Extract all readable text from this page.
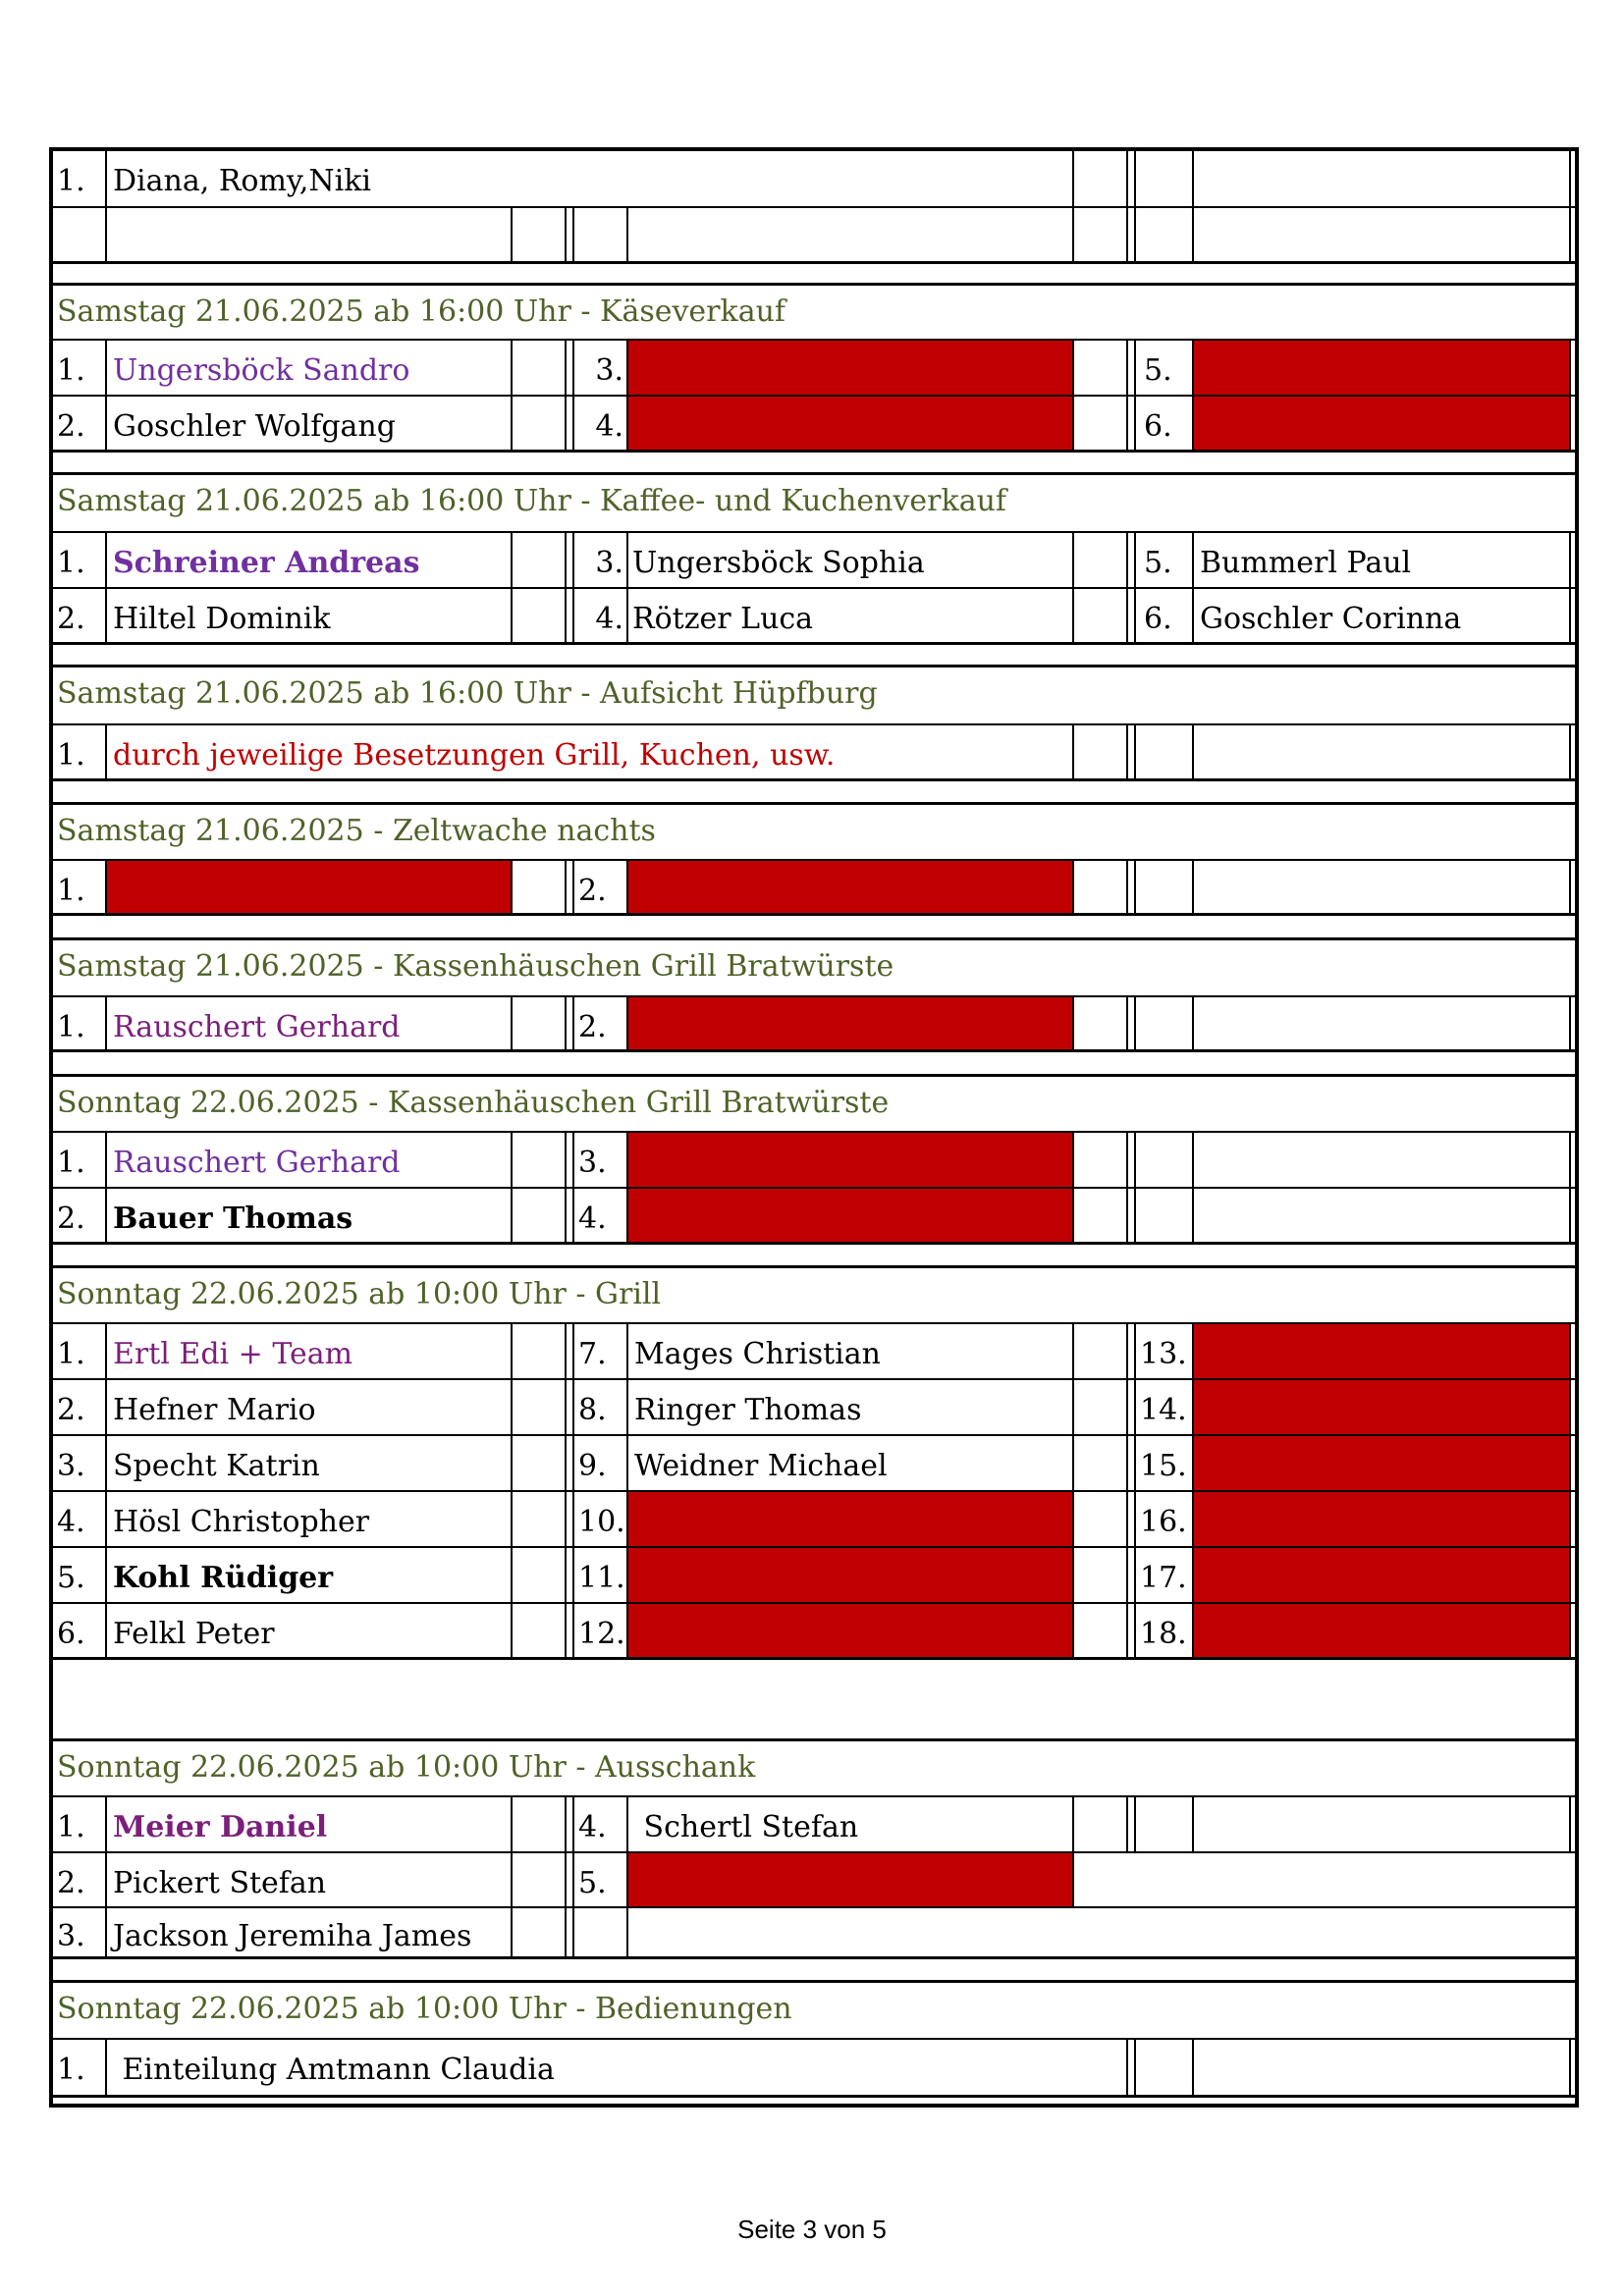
1. Diana, Romy,Niki
Samstag 21.06.2025 ab 16:00 Uhr - Käseverkauf
1. Ungersböck Sandro	3.	5.
2. Goschler Wolfgang	4.	6.
Samstag 21.06.2025 ab 16:00 Uhr - Kaffee- und Kuchenverkauf
1. Schreiner Andreas	3. Ungersböck Sophia	5. Bummerl Paul
2. Hiltel Dominik	4. Rötzer Luca	6. Goschler Corinna
Samstag 21.06.2025 ab 16:00 Uhr - Aufsicht Hüpfburg
1. durch jeweilige Besetzungen Grill, Kuchen, usw.
Samstag 21.06.2025 - Zeltwache nachts
1.	2.
Samstag 21.06.2025 - Kassenhäuschen Grill Bratwürste
1. Rauschert Gerhard	2.
Sonntag 22.06.2025 - Kassenhäuschen Grill Bratwürste
1. Rauschert Gerhard	3.
2. Bauer Thomas	4.
Sonntag 22.06.2025 ab 10:00 Uhr - Grill
1. Ertl Edi + Team	7. Mages Christian	13.
2. Hefner Mario	8. Ringer Thomas	14.
3. Specht Katrin	9. Weidner Michael	15.
4. Hösl Christopher	10.	16.
5. Kohl Rüdiger	11.	17.
6. Felkl Peter	12.	18.
Sonntag 22.06.2025 ab 10:00 Uhr - Ausschank
1. Meier Daniel	4. Schertl Stefan
2. Pickert Stefan	5.
3. Jackson Jeremiha James
Sonntag 22.06.2025 ab 10:00 Uhr - Bedienungen
1. Einteilung Amtmann Claudia
Seite 3 von 5
